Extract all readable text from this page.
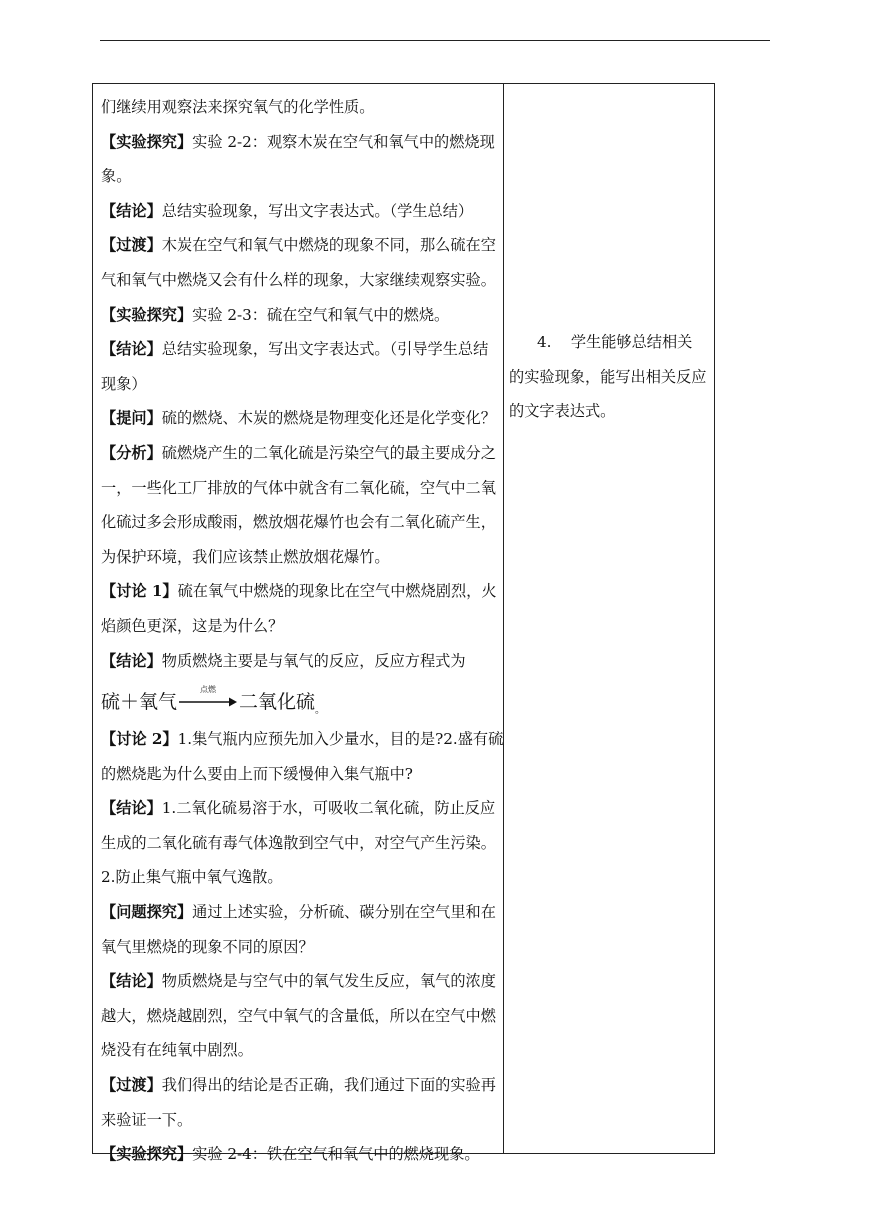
们继续用观察法来探究氧气的化学性质。
【实验探究】实验 2-2：观察木炭在空气和氧气中的燃烧现
象。
【结论】总结实验现象，写出文字表达式。（学生总结）
【过渡】木炭在空气和氧气中燃烧的现象不同，那么硫在空
气和氧气中燃烧又会有什么样的现象，大家继续观察实验。
【实验探究】实验 2-3：硫在空气和氧气中的燃烧。
【结论】总结实验现象，写出文字表达式。（引导学生总结
现象）
【提问】硫的燃烧、木炭的燃烧是物理变化还是化学变化？
【分析】硫燃烧产生的二氧化硫是污染空气的最主要成分之
一，一些化工厂排放的气体中就含有二氧化硫，空气中二氧
化硫过多会形成酸雨，燃放烟花爆竹也会有二氧化硫产生，
为保护环境，我们应该禁止燃放烟花爆竹。
【讨论 1】硫在氧气中燃烧的现象比在空气中燃烧剧烈，火
焰颜色更深，这是为什么？
【结论】物质燃烧主要是与氧气的反应，反应方程式为
硫＋氧气
点燃
二氧化硫 。
【讨论 2】1.集气瓶内应预先加入少量水，目的是?2.盛有硫
的燃烧匙为什么要由上而下缓慢伸入集气瓶中?
【结论】1.二氧化硫易溶于水，可吸收二氧化硫，防止反应
生成的二氧化硫有毒气体逸散到空气中，对空气产生污染。
2.防止集气瓶中氧气逸散。
【问题探究】通过上述实验，分析硫、碳分别在空气里和在
氧气里燃烧的现象不同的原因？
【结论】物质燃烧是与空气中的氧气发生反应，氧气的浓度
越大，燃烧越剧烈，空气中氧气的含量低，所以在空气中燃
烧没有在纯氧中剧烈。
【过渡】我们得出的结论是否正确，我们通过下面的实验再
来验证一下。
【实验探究】实验 2-4：铁在空气和氧气中的燃烧现象。
4. 学生能够总结相关
的实验现象，能写出相关反应
的文字表达式。
